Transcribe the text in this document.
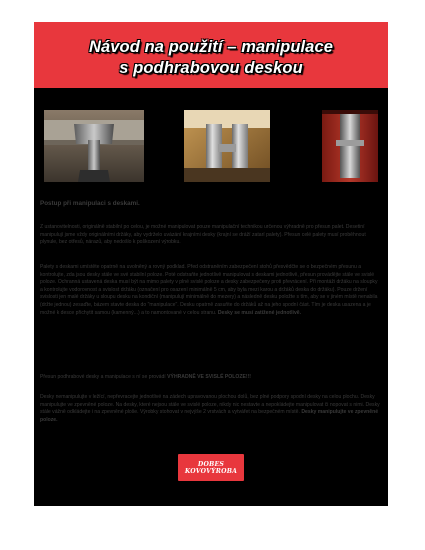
Návod na použití – manipulace
s podhrabovou deskou
Postup při manipulaci s deskami.
Z ustanovitelnosti, originálně stabilní po celou, je možné manipulovat pouze manipulační technikou určenou výhradně pro přesun palet. Desetiní manipulují jsme vždy originálními držáky, aby vydrželo uvázání krajními desky (krajní se dráží zatarí palety). Přesun celé palety musí proběhnout plynule, bez otřesů, nárazů, aby nedošlo k poškození výrobku.
Palety s deskami umístěte opatrně na uvolněný a rovný podklad. Před odstraněním zabezpečení stohů přesvědčte se o bezpečném přesunu a kontrolujte, zda jsou desky stále ve své stabilní poloze. Poté odstraňte jednotlivě manipulovat s deskami jednotlivě, přesun provádějte stále ve svislé poloze. Ochranná ustavená deska musí být na mimo palety v plné svislé poloze a desky zabezpečeny proti převrácení. Při montáži držáku na sloupky a kontrolujte vodorovnost a svislost držáku (označení pro osazení minimálně 5 cm, aby byla mezi karou a držáků deska do držáku). Pouze držení svislosti jen malé držáky u sloupu desku na kondiční (manipulují minimálně do mezery) a následně desku položte s tím, aby se v jiném místě nenabila (držte jednou) zesaďte, bázem stavte deska do "manipulace". Desku opatrně zasuňte do držáků až na jeho spodní část. Tím je deska usazena a je možné k desce přichytit samou (kamenný...) a to namontované v celou stranu. Desky se musí zatížené jednotlivě.
Přesun podhrabové desky a manipulace s ní se provádí VÝHRADNĚ VE SVISLÉ POLOZE!!!
Desky nemanipulujte v ležící, nepřevracejte jednotlivé na zádech upravovanou plochou dolů, bez plné podpory spodní desky na celou plochu. Desky manipulujte ve zpevněné poloze. Na desky, které nejsou stále ve svislé poloze, nikdy nic nestavte a nepokládejte manipulovat či nopovat s nimi. Desky stále vážně odkládejte i na zpevněné ploše. Výrobky stohovat v nejvýše 2 vrstvách a vytvářet na bezpečném místě. Desky manipulujte ve zpevněné poloze.
DOBES
KOVOVÝROBA
